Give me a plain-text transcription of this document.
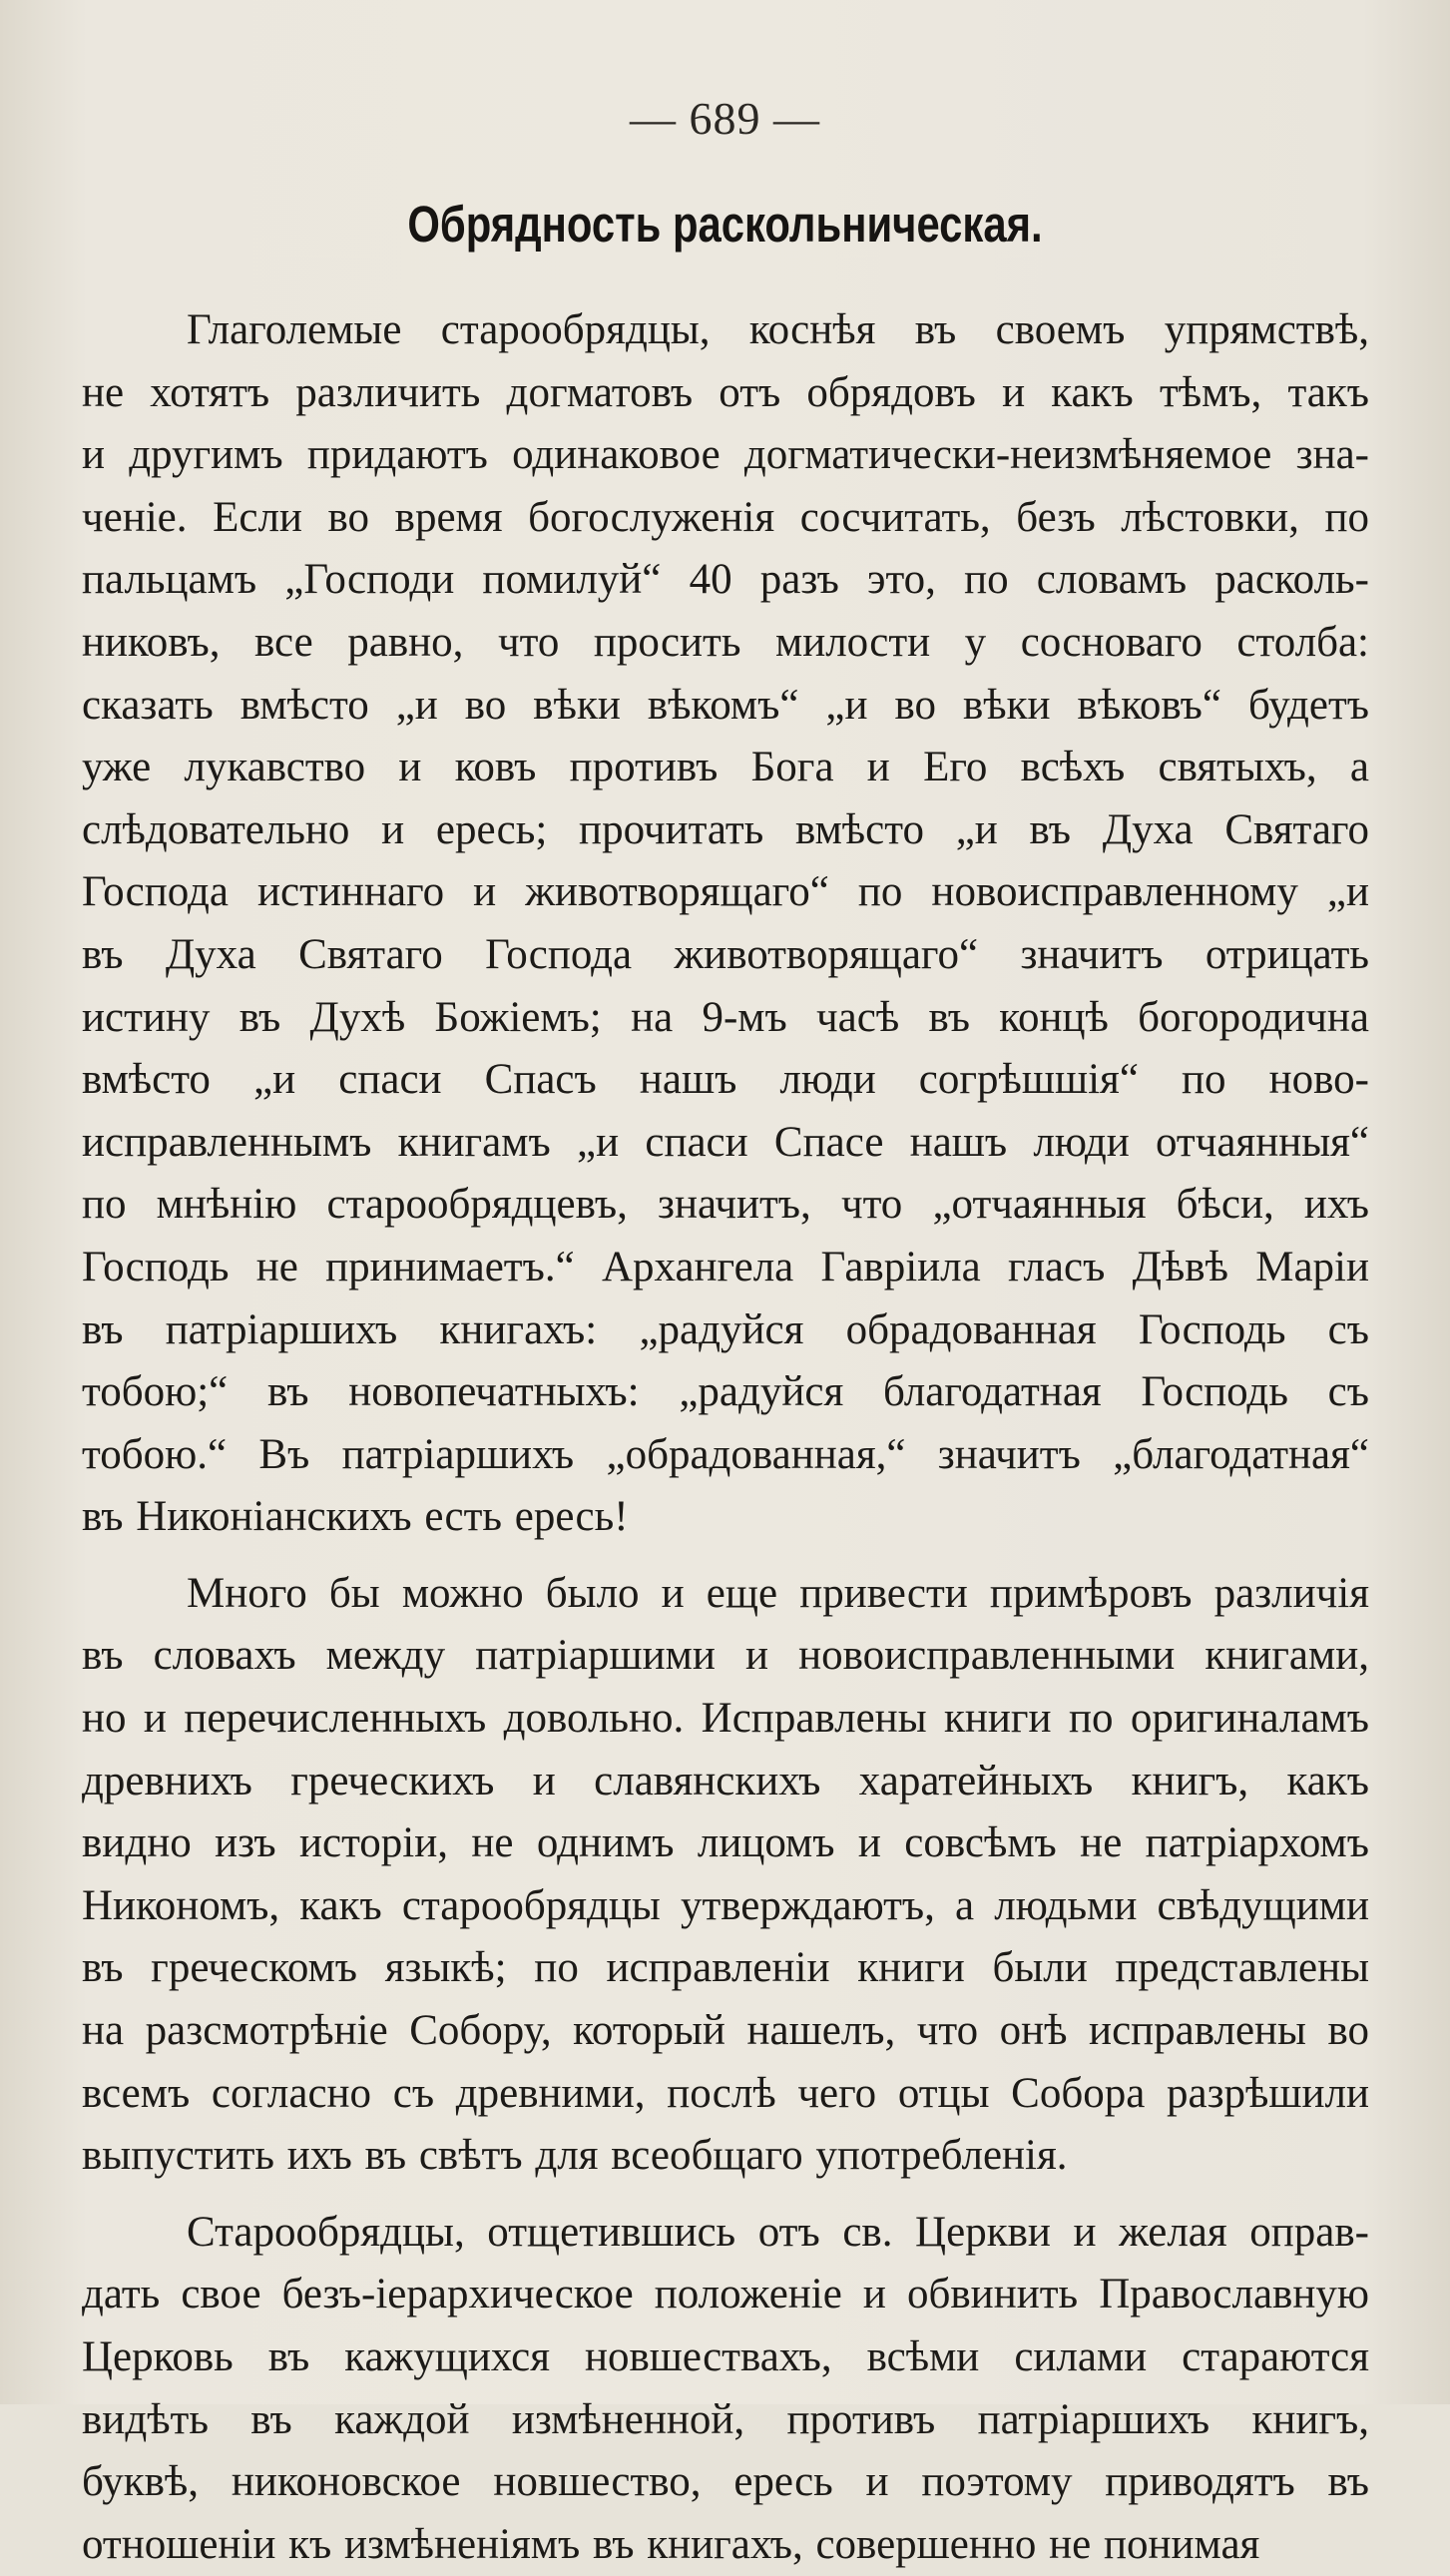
— 689 —
Обрядность раскольническая.
Глаголемые старообрядцы, коснѣя въ своемъ упрямствѣ,
не хотятъ различить догматовъ отъ обрядовъ и какъ тѣмъ, такъ
и другимъ придаютъ одинаковое догматически-неизмѣняемое зна-
ченіе. Если во время богослуженія сосчитать, безъ лѣстовки, по
пальцамъ „Господи помилуй“ 40 разъ это, по словамъ расколь-
никовъ, все равно, что просить милости у сосноваго столба:
сказать вмѣсто „и во вѣки вѣкомъ“ „и во вѣки вѣковъ“ будетъ
уже лукавство и ковъ противъ Бога и Его всѣхъ святыхъ, а
слѣдовательно и ересь; прочитать вмѣсто „и въ Духа Святаго
Господа истиннаго и животворящаго“ по новоисправленному „и
въ Духа Святаго Господа животворящаго“ значитъ отрицать
истину въ Духѣ Божіемъ; на 9-мъ часѣ въ концѣ богородична
вмѣсто „и спаси Спасъ нашъ люди согрѣшшія“ по ново-
исправленнымъ книгамъ „и спаси Спасе нашъ люди отчаянныя“
по мнѣнію старообрядцевъ, значитъ, что „отчаянныя бѣси, ихъ
Господь не принимаетъ.“ Архангела Гавріила гласъ Дѣвѣ Маріи
въ патріаршихъ книгахъ: „радуйся обрадованная Господь съ
тобою;“ въ новопечатныхъ: „радуйся благодатная Господь съ
тобою.“ Въ патріаршихъ „обрадованная,“ значитъ „благодатная“
въ Никоніанскихъ есть ересь!
Много бы можно было и еще привести примѣровъ различія
въ словахъ между патріаршими и новоисправленными книгами,
но и перечисленныхъ довольно. Исправлены книги по оригиналамъ
древнихъ греческихъ и славянскихъ харатейныхъ книгъ, какъ
видно изъ исторіи, не однимъ лицомъ и совсѣмъ не патріархомъ
Никономъ, какъ старообрядцы утверждаютъ, а людьми свѣдущими
въ греческомъ языкѣ; по исправленіи книги были представлены
на разсмотрѣніе Собору, который нашелъ, что онѣ исправлены во
всемъ согласно съ древними, послѣ чего отцы Собора разрѣшили
выпустить ихъ въ свѣтъ для всеобщаго употребленія.
Старообрядцы, отщетившись отъ св. Церкви и желая оправ-
дать свое безъ-іерархическое положеніе и обвинить Православную
Церковь въ кажущихся новшествахъ, всѣми силами стараются
видѣть въ каждой измѣненной, противъ патріаршихъ книгъ,
буквѣ, никоновское новшество, ересь и поэтому приводятъ въ
отношеніи къ измѣненіямъ въ книгахъ, совершенно не понимая
